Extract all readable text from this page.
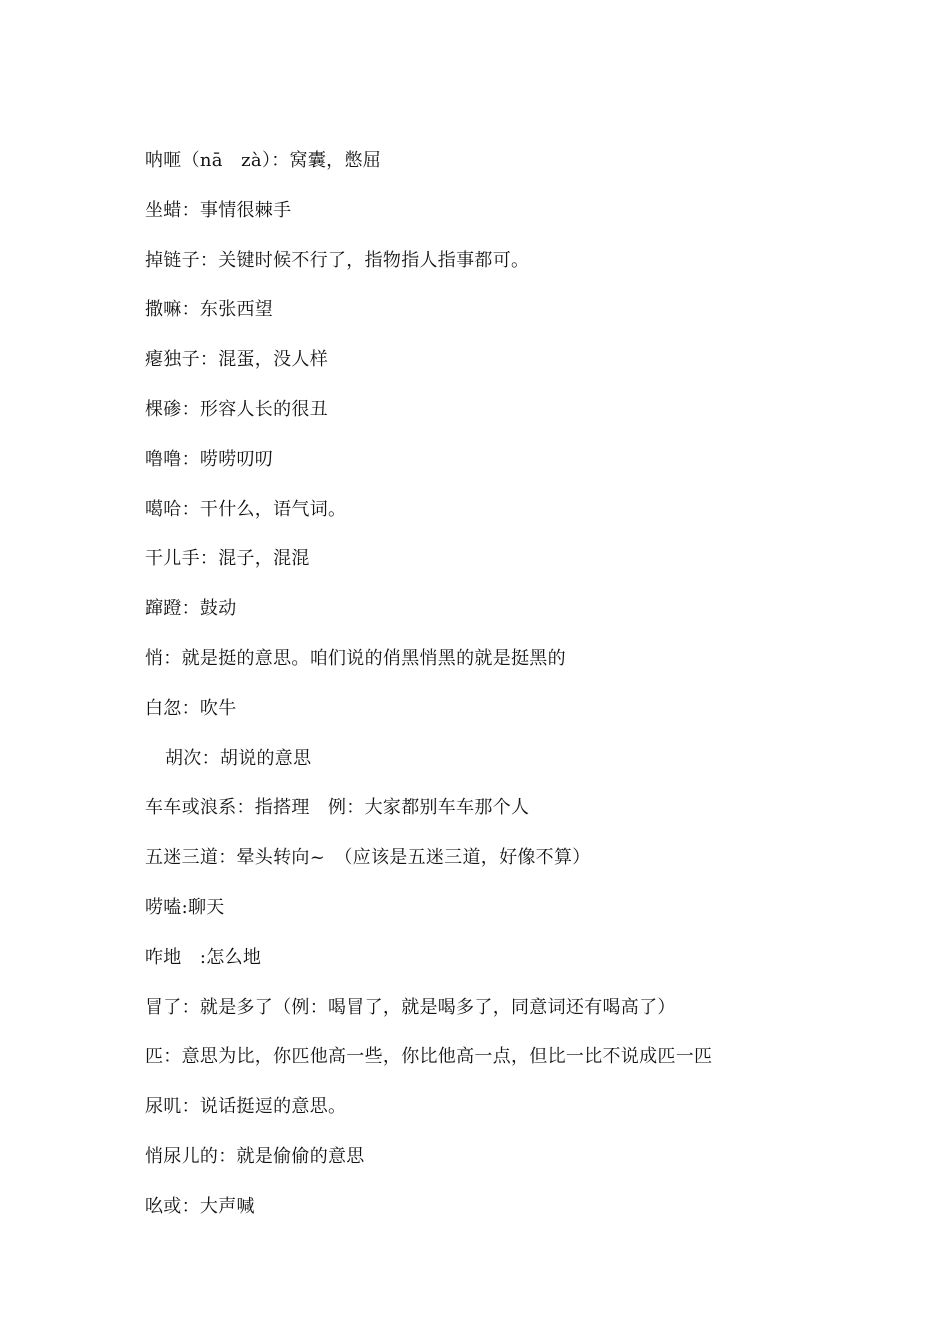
呐咂（nā　zà）：窝囊，憋屈
坐蜡：事情很棘手
掉链子：关键时候不行了，指物指人指事都可。
撒嘛：东张西望
瘪独子：混蛋，没人样
棵碜：形容人长的很丑
噜噜：唠唠叨叨
噶哈：干什么，语气词。
干儿手：混子，混混
蹿蹬：鼓动
悄：就是挺的意思。咱们说的俏黑悄黑的就是挺黑的
白忽：吹牛
胡次：胡说的意思
车车或浪系：指搭理　例：大家都别车车那个人
五迷三道：晕头转向~　（应该是五迷三道，好像不算）
唠嗑:聊天
咋地　:怎么地
冒了：就是多了（例：喝冒了，就是喝多了，同意词还有喝高了）
匹：意思为比，你匹他高一些，你比他高一点，但比一比不说成匹一匹
尿叽：说话挺逗的意思。
悄尿儿的：就是偷偷的意思
吆或：大声喊
